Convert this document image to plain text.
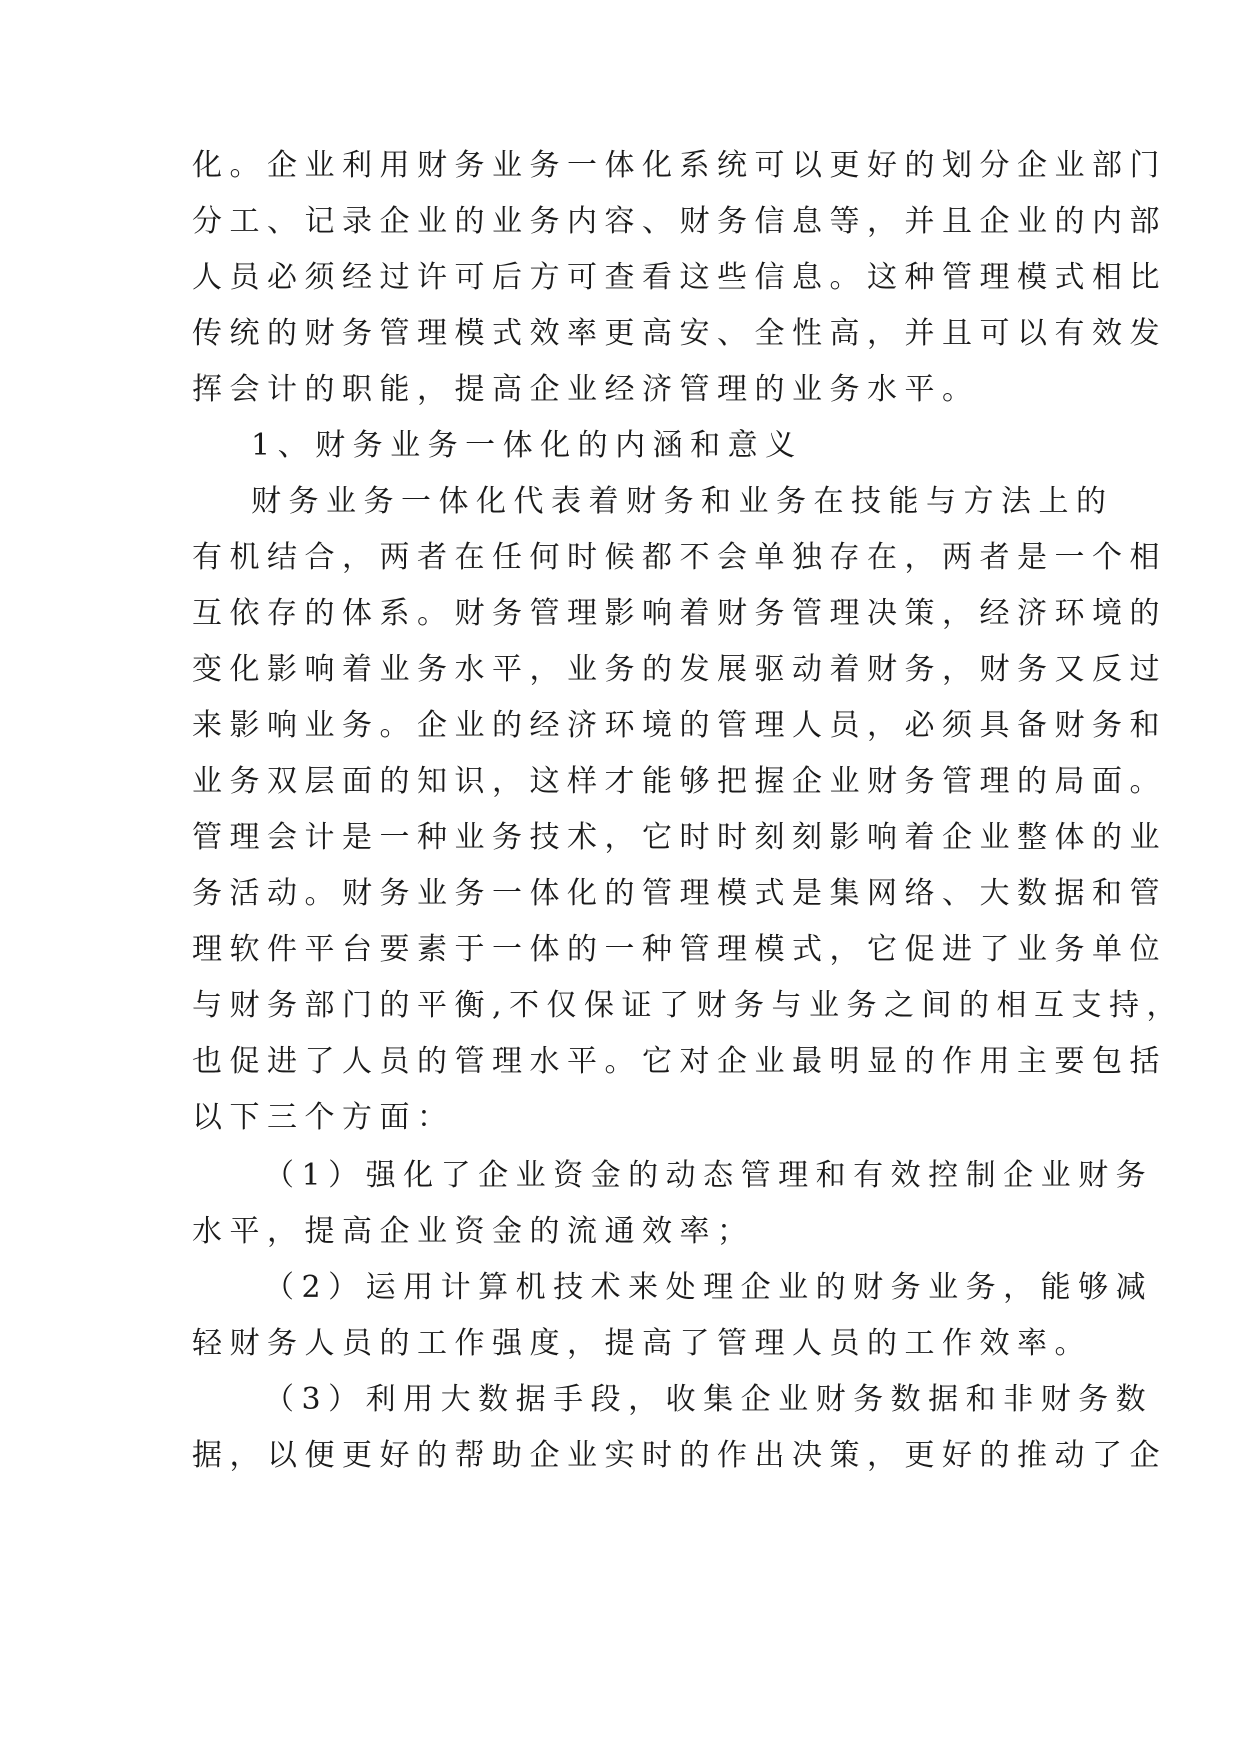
化。企业利用财务业务一体化系统可以更好的划分企业部门
分工、记录企业的业务内容、财务信息等，并且企业的内部
人员必须经过许可后方可查看这些信息。这种管理模式相比
传统的财务管理模式效率更高安、全性高，并且可以有效发
挥会计的职能，提高企业经济管理的业务水平。
1、财务业务一体化的内涵和意义
财务业务一体化代表着财务和业务在技能与方法上的
有机结合，两者在任何时候都不会单独存在，两者是一个相
互依存的体系。财务管理影响着财务管理决策，经济环境的
变化影响着业务水平，业务的发展驱动着财务，财务又反过
来影响业务。企业的经济环境的管理人员，必须具备财务和
业务双层面的知识，这样才能够把握企业财务管理的局面。
管理会计是一种业务技术，它时时刻刻影响着企业整体的业
务活动。财务业务一体化的管理模式是集网络、大数据和管
理软件平台要素于一体的一种管理模式，它促进了业务单位
与财务部门的平衡,不仅保证了财务与业务之间的相互支持，
也促进了人员的管理水平。它对企业最明显的作用主要包括
以下三个方面：
（1）强化了企业资金的动态管理和有效控制企业财务
水平，提高企业资金的流通效率；
（2）运用计算机技术来处理企业的财务业务，能够减
轻财务人员的工作强度，提高了管理人员的工作效率。
（3）利用大数据手段，收集企业财务数据和非财务数
据，以便更好的帮助企业实时的作出决策，更好的推动了企
